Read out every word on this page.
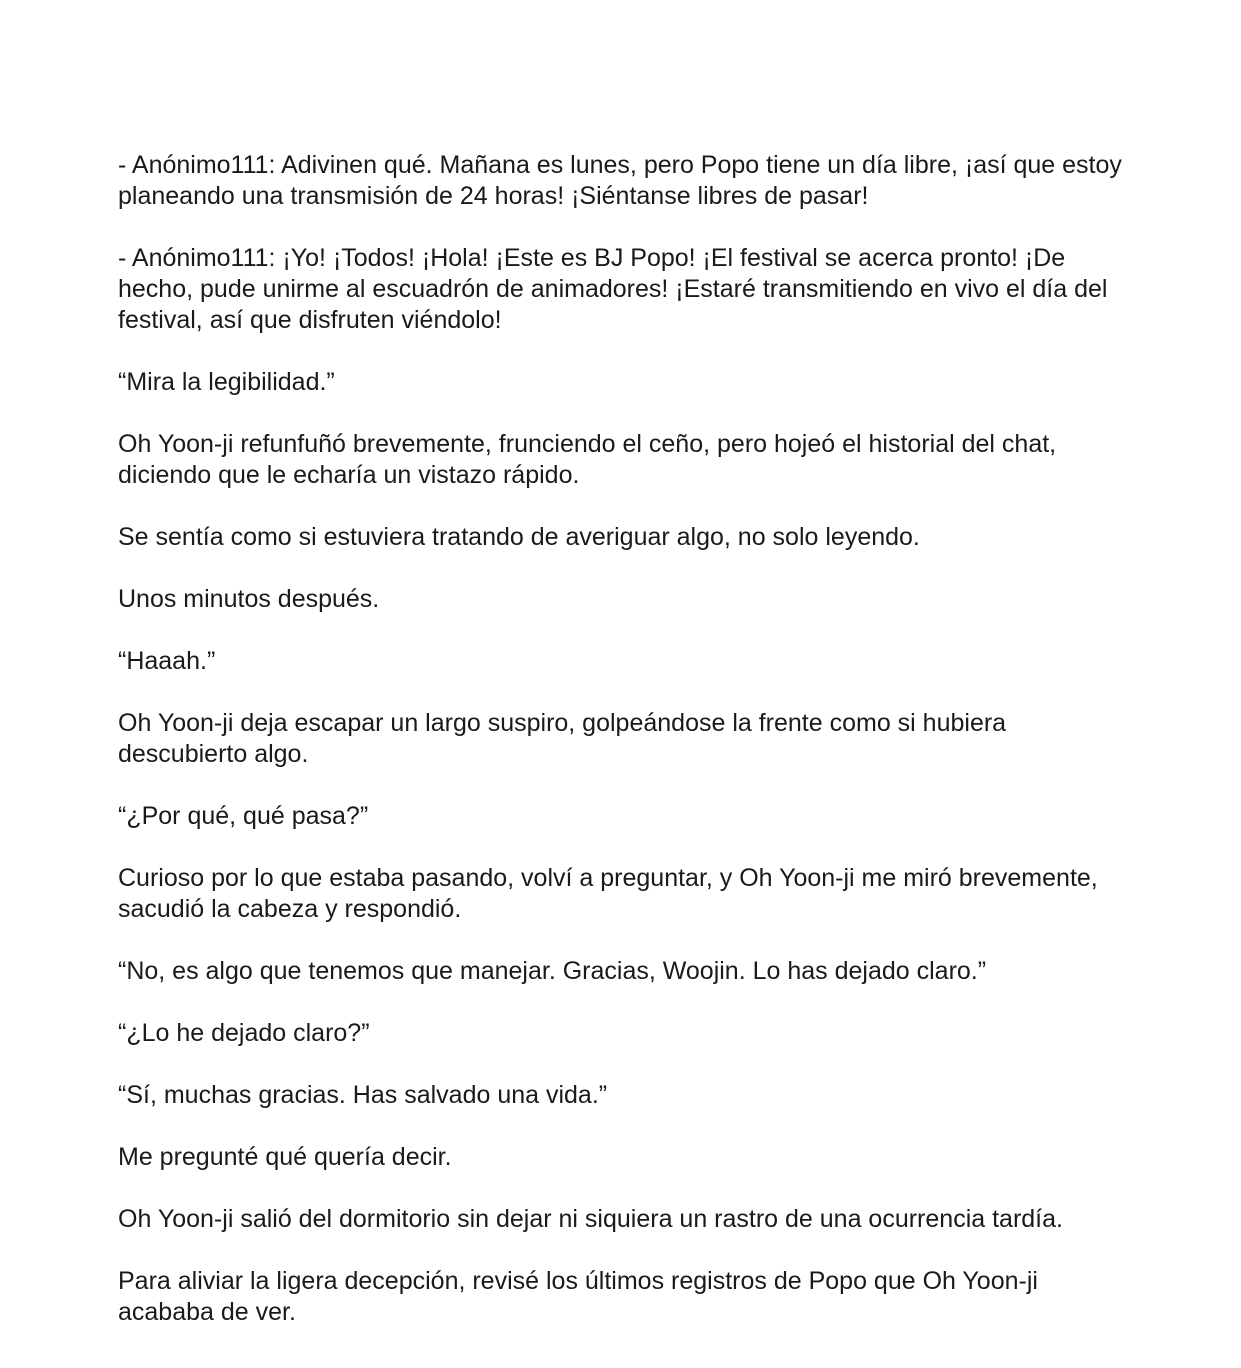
- Anónimo111: Adivinen qué. Mañana es lunes, pero Popo tiene un día libre, ¡así que estoy planeando una transmisión de 24 horas! ¡Siéntanse libres de pasar!

- Anónimo111: ¡Yo! ¡Todos! ¡Hola! ¡Este es BJ Popo! ¡El festival se acerca pronto! ¡De hecho, pude unirme al escuadrón de animadores! ¡Estaré transmitiendo en vivo el día del festival, así que disfruten viéndolo!

“Mira la legibilidad.”

Oh Yoon-ji refunfuñó brevemente, frunciendo el ceño, pero hojeó el historial del chat, diciendo que le echaría un vistazo rápido.

Se sentía como si estuviera tratando de averiguar algo, no solo leyendo.

Unos minutos después.

“Haaah.”

Oh Yoon-ji deja escapar un largo suspiro, golpeándose la frente como si hubiera descubierto algo.

“¿Por qué, qué pasa?”

Curioso por lo que estaba pasando, volví a preguntar, y Oh Yoon-ji me miró brevemente, sacudió la cabeza y respondió.

“No, es algo que tenemos que manejar. Gracias, Woojin. Lo has dejado claro.”

“¿Lo he dejado claro?”

“Sí, muchas gracias. Has salvado una vida.”

Me pregunté qué quería decir.

Oh Yoon-ji salió del dormitorio sin dejar ni siquiera un rastro de una ocurrencia tardía.

Para aliviar la ligera decepción, revisé los últimos registros de Popo que Oh Yoon-ji acababa de ver.
